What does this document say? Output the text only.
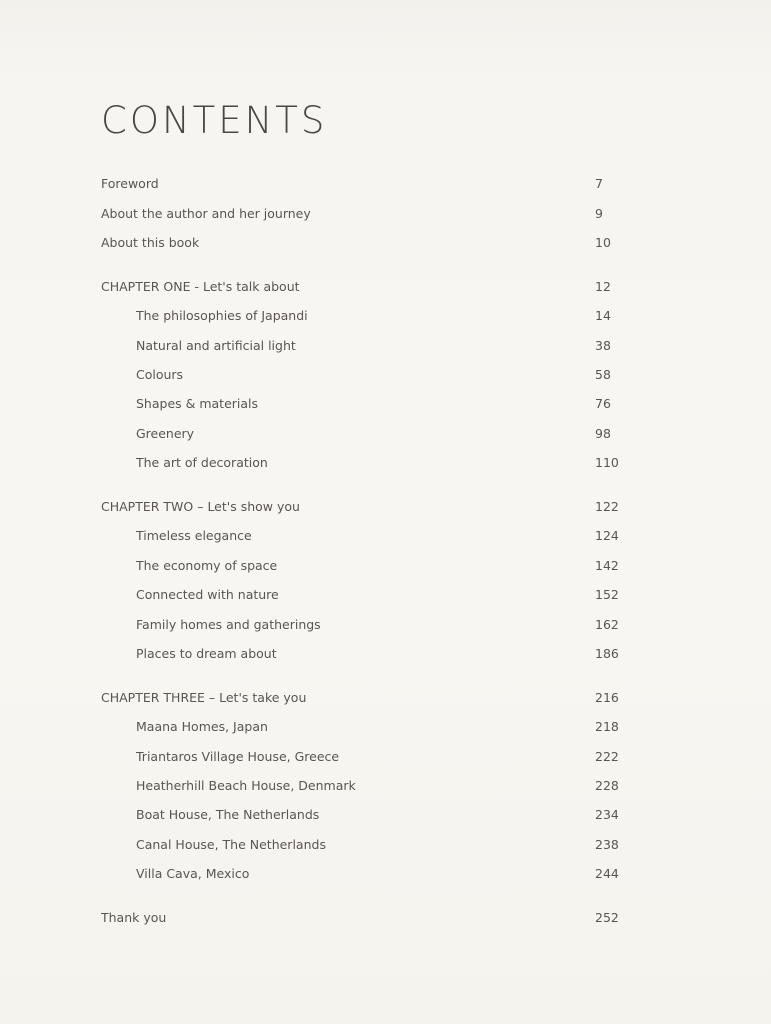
CONTENTS
Foreword	7
About the author and her journey	9
About this book	10
CHAPTER ONE - Let's talk about	12
The philosophies of Japandi	14
Natural and artificial light	38
Colours	58
Shapes & materials	76
Greenery	98
The art of decoration	110
CHAPTER TWO – Let's show you	122
Timeless elegance	124
The economy of space	142
Connected with nature	152
Family homes and gatherings	162
Places to dream about	186
CHAPTER THREE – Let's take you	216
Maana Homes, Japan	218
Triantaros Village House, Greece	222
Heatherhill Beach House, Denmark	228
Boat House, The Netherlands	234
Canal House, The Netherlands	238
Villa Cava, Mexico	244
Thank you	252
